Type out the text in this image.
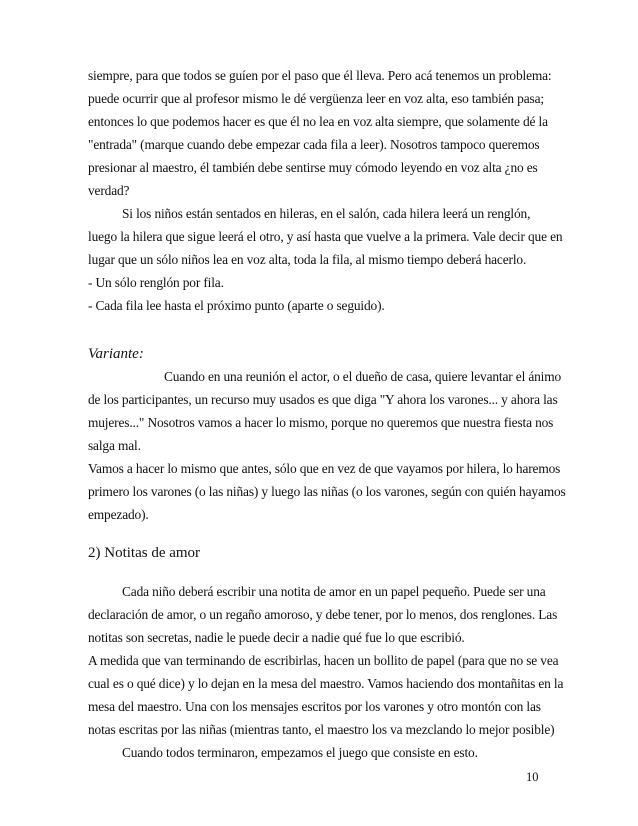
siempre, para que todos se guíen por el paso que él lleva. Pero acá tenemos un problema:
puede ocurrir que al profesor mismo le dé vergüenza leer en voz alta, eso también pasa;
entonces lo que podemos hacer es que él no lea en voz alta siempre, que solamente dé la
"entrada" (marque cuando debe empezar cada fila a leer). Nosotros tampoco queremos
presionar al maestro, él también debe sentirse muy cómodo leyendo en voz alta ¿no es
verdad?
Si los niños están sentados en hileras, en el salón, cada hilera leerá un renglón,
luego la hilera que sigue leerá el otro, y así hasta que vuelve a la primera. Vale decir que en
lugar que un sólo niños lea en voz alta, toda la fila, al mismo tiempo deberá hacerlo.
- Un sólo renglón por fila.
- Cada fila lee hasta el próximo punto (aparte o seguido).
Variante:
Cuando en una reunión el actor, o el dueño de casa, quiere levantar el ánimo
de los participantes, un recurso muy usados es que diga "Y ahora los varones... y ahora las
mujeres..." Nosotros vamos a hacer lo mismo, porque no queremos que nuestra fiesta nos
salga mal.
Vamos a hacer lo mismo que antes, sólo que en vez de que vayamos por hilera, lo haremos
primero los varones (o las niñas) y luego las niñas (o los varones, según con quién hayamos
empezado).
2) Notitas de amor
Cada niño deberá escribir una notita de amor en un papel pequeño. Puede ser una
declaración de amor, o un regaño amoroso, y debe tener, por lo menos, dos renglones. Las
notitas son secretas, nadie le puede decir a nadie qué fue lo que escribió.
A medida que van terminando de escribirlas, hacen un bollito de papel (para que no se vea
cual es o qué dice) y lo dejan en la mesa del maestro. Vamos haciendo dos montañitas en la
mesa del maestro. Una con los mensajes escritos por los varones y otro montón con las
notas escritas por las niñas (mientras tanto, el maestro los va mezclando lo mejor posible)
Cuando todos terminaron, empezamos el juego que consiste en esto.
10
